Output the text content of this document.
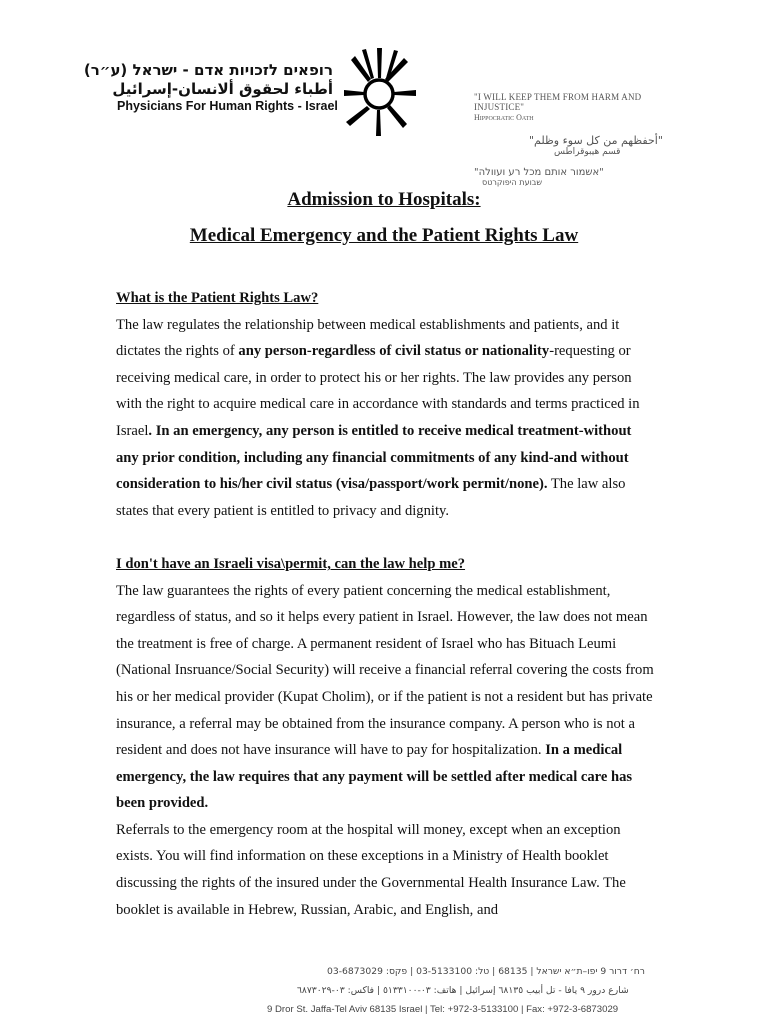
רופאים לזכויות אדם - ישראל (ע״ר)
أطباء لحقوق ألانسان-إسرائيل
Physicians For Human Rights - Israel
"I WILL KEEP THEM FROM HARM AND INJUSTICE"
Hippocratic Oath
"أحفظهم من كل سوء وظلم"
قسم هيبوقراطس
"אשמור אותם מכל רע ועוולה"
שבועת היפוקרטס
Admission to Hospitals:
Medical Emergency and the Patient Rights Law

What is the Patient Rights Law?

The law regulates the relationship between medical establishments and patients, and it dictates the rights of any person-regardless of civil status or nationality-requesting or receiving medical care, in order to protect his or her rights. The law provides any person with the right to acquire medical care in accordance with standards and terms practiced in Israel. In an emergency, any person is entitled to receive medical treatment-without any prior condition, including any financial commitments of any kind-and without consideration to his/her civil status (visa/passport/work permit/none). The law also states that every patient is entitled to privacy and dignity.

I don't have an Israeli visa\permit, can the law help me?

The law guarantees the rights of every patient concerning the medical establishment, regardless of status, and so it helps every patient in Israel. However, the law does not mean the treatment is free of charge. A permanent resident of Israel who has Bituach Leumi (National Insruance/Social Security) will receive a financial referral covering the costs from his or her medical provider (Kupat Cholim), or if the patient is not a resident but has private insurance, a referral may be obtained from the insurance company. A person who is not a resident and does not have insurance will have to pay for hospitalization. In a medical emergency, the law requires that any payment will be settled after medical care has been provided.

Referrals to the emergency room at the hospital will money, except when an exception exists. You will find information on these exceptions in a Ministry of Health booklet discussing the rights of the insured under the Governmental Health Insurance Law. The booklet is available in Hebrew, Russian, Arabic, and English, and

רח׳ דרור 9 יפו–ת״א ישראל | 68135 | טל: 03-5133100 | פקס: 03-6873029
شارع درور ٩ يافا - تل أبيب ٦٨١٣٥ إسرائيل | هاتف: ٠٣-٥١٣٣١٠٠ | فاكس: ٠٣-٦٨٧٣٠٢٩
9 Dror St. Jaffa-Tel Aviv 68135 Israel | Tel: +972-3-5133100 | Fax: +972-3-6873029
